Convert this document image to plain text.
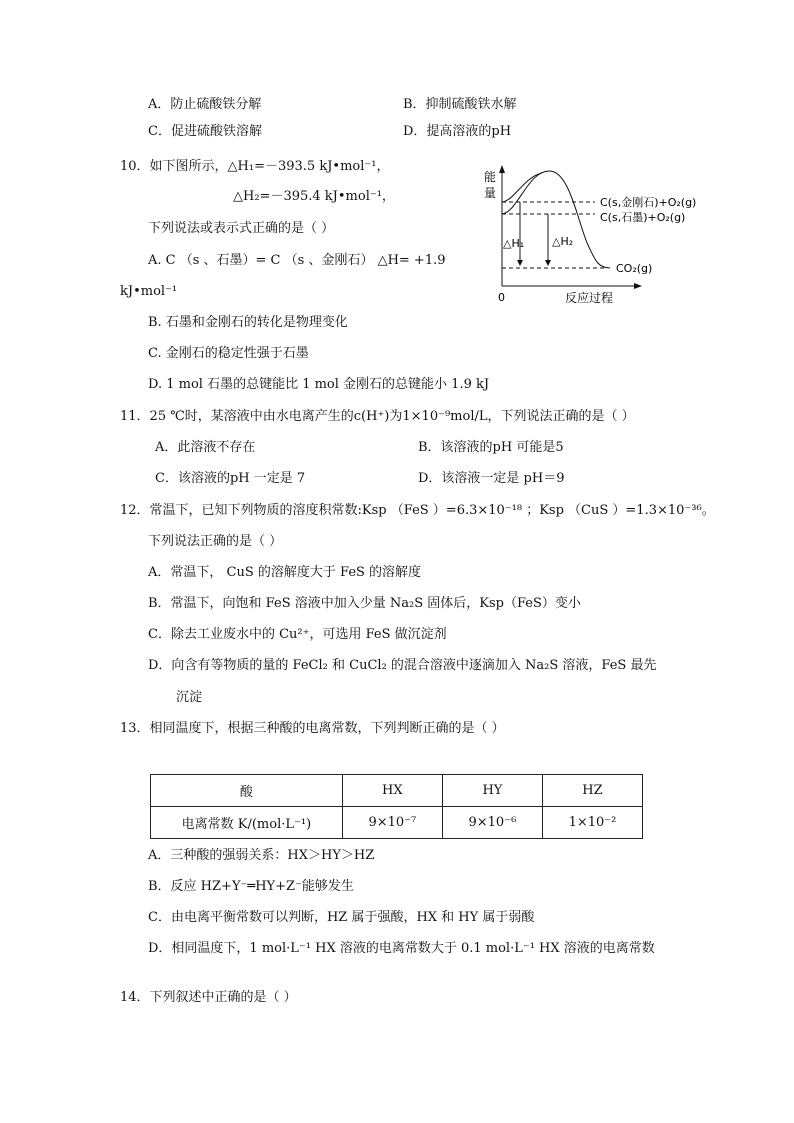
A．防止硫酸铁分解	B．抑制硫酸铁水解
C．促进硫酸铁溶解	D．提高溶液的pH
10．如下图所示，△H₁=－393.5 kJ•mol⁻¹，
△H₂=－395.4 kJ•mol⁻¹，
下列说法或表示式正确的是（ ）
A. C （s 、石墨）= C （s 、金刚石） △H= +1.9
kJ•mol⁻¹
B. 石墨和金刚石的转化是物理变化
C. 金刚石的稳定性强于石墨
D. 1 mol 石墨的总键能比 1 mol 金刚石的总键能小 1.9 kJ
能
量
0	反应过程
△H₁	△H₂
C(s,金刚石)+O₂(g)
C(s,石墨)+O₂(g)
CO₂(g)
11．25 ℃时，某溶液中由水电离产生的c(H⁺)为1×10⁻⁹mol/L，下列说法正确的是（ ）
A．此溶液不存在	B．该溶液的pH 可能是5
C．该溶液的pH 一定是 7	D．该溶液一定是 pH＝9
12．常温下，已知下列物质的溶度积常数:Ksp （FeS ）=6.3×10⁻¹⁸ ；Ksp （CuS ）=1.3×10⁻³⁶。
下列说法正确的是（ ）
A．常温下， CuS 的溶解度大于 FeS 的溶解度
B．常温下，向饱和 FeS 溶液中加入少量 Na₂S 固体后，Ksp（FeS）变小
C．除去工业废水中的 Cu²⁺，可选用 FeS 做沉淀剂
D．向含有等物质的量的 FeCl₂ 和 CuCl₂ 的混合溶液中逐滴加入 Na₂S 溶液，FeS 最先
沉淀
13．相同温度下，根据三种酸的电离常数，下列判断正确的是（ ）
酸	HX	HY	HZ
电离常数 K/(mol·L⁻¹)	9×10⁻⁷	9×10⁻⁶	1×10⁻²
A．三种酸的强弱关系：HX＞HY＞HZ
B．反应 HZ+Y⁻═HY+Z⁻能够发生
C．由电离平衡常数可以判断，HZ 属于强酸，HX 和 HY 属于弱酸
D．相同温度下，1 mol·L⁻¹ HX 溶液的电离常数大于 0.1 mol·L⁻¹ HX 溶液的电离常数
14．下列叙述中正确的是（ ）
